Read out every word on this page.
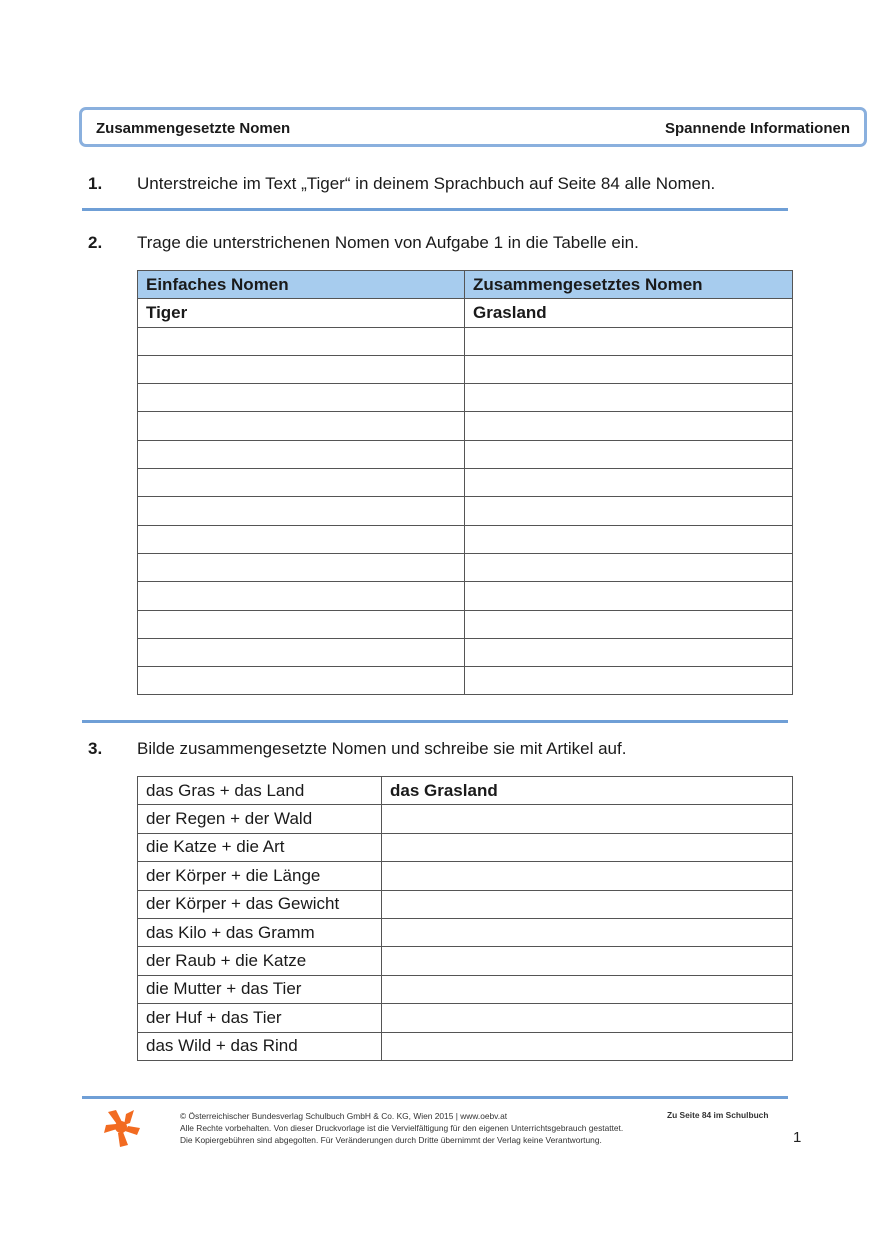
Zusammengesetzte Nomen	Spannende Informationen
1. Unterstreiche im Text „Tiger“ in deinem Sprachbuch auf Seite 84 alle Nomen.
2. Trage die unterstrichenen Nomen von Aufgabe 1 in die Tabelle ein.
Einfaches Nomen	Zusammengesetztes Nomen
Tiger	Grasland

3. Bilde zusammengesetzte Nomen und schreibe sie mit Artikel auf.
das Gras + das Land	das Grasland
der Regen + der Wald	
die Katze + die Art	
der Körper + die Länge	
der Körper + das Gewicht	
das Kilo + das Gramm	
der Raub + die Katze	
die Mutter + das Tier	
der Huf + das Tier	
das Wild + das Rind	
© Österreichischer Bundesverlag Schulbuch GmbH & Co. KG, Wien 2015 | www.oebv.at
Alle Rechte vorbehalten. Von dieser Druckvorlage ist die Vervielfältigung für den eigenen Unterrichtsgebrauch gestattet.
Die Kopiergebühren sind abgegolten. Für Veränderungen durch Dritte übernimmt der Verlag keine Verantwortung.
Zu Seite 84 im Schulbuch
1
